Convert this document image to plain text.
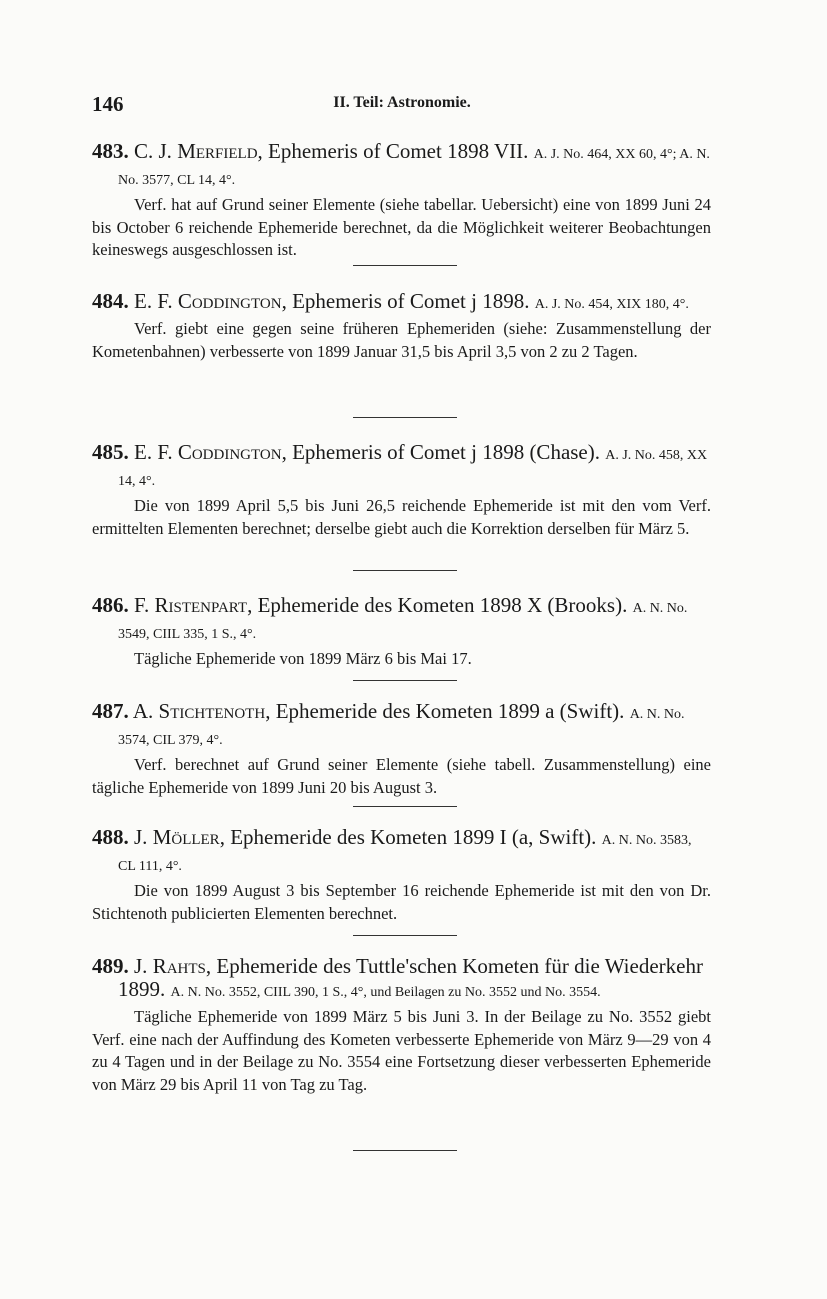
146	II. Teil: Astronomie.

483. C. J. Merfield, Ephemeris of Comet 1898 VII. A. J. No. 464, XX 60, 4°; A. N. No. 3577, CL 14, 4°.

Verf. hat auf Grund seiner Elemente (siehe tabellar. Uebersicht) eine von 1899 Juni 24 bis October 6 reichende Ephemeride berechnet, da die Möglichkeit weiterer Beobachtungen keineswegs ausgeschlossen ist.

484. E. F. Coddington, Ephemeris of Comet j 1898. A. J. No. 454, XIX 180, 4°.

Verf. giebt eine gegen seine früheren Ephemeriden (siehe: Zusammenstellung der Kometenbahnen) verbesserte von 1899 Januar 31,5 bis April 3,5 von 2 zu 2 Tagen.

485. E. F. Coddington, Ephemeris of Comet j 1898 (Chase). A. J. No. 458, XX 14, 4°.

Die von 1899 April 5,5 bis Juni 26,5 reichende Ephemeride ist mit den vom Verf. ermittelten Elementen berechnet; derselbe giebt auch die Korrektion derselben für März 5.

486. F. Ristenpart, Ephemeride des Kometen 1898 X (Brooks). A. N. No. 3549, CIIL 335, 1 S., 4°.

Tägliche Ephemeride von 1899 März 6 bis Mai 17.

487. A. Stichtenoth, Ephemeride des Kometen 1899 a (Swift). A. N. No. 3574, CIL 379, 4°.

Verf. berechnet auf Grund seiner Elemente (siehe tabell. Zusammenstellung) eine tägliche Ephemeride von 1899 Juni 20 bis August 3.

488. J. Möller, Ephemeride des Kometen 1899 I (a, Swift). A. N. No. 3583, CL 111, 4°.

Die von 1899 August 3 bis September 16 reichende Ephemeride ist mit den von Dr. Stichtenoth publicierten Elementen berechnet.

489. J. Rahts, Ephemeride des Tuttle'schen Kometen für die Wiederkehr 1899. A. N. No. 3552, CIIL 390, 1 S., 4°, und Beilagen zu No. 3552 und No. 3554.

Tägliche Ephemeride von 1899 März 5 bis Juni 3. In der Beilage zu No. 3552 giebt Verf. eine nach der Auffindung des Kometen verbesserte Ephemeride von März 9—29 von 4 zu 4 Tagen und in der Beilage zu No. 3554 eine Fortsetzung dieser verbesserten Ephemeride von März 29 bis April 11 von Tag zu Tag.
